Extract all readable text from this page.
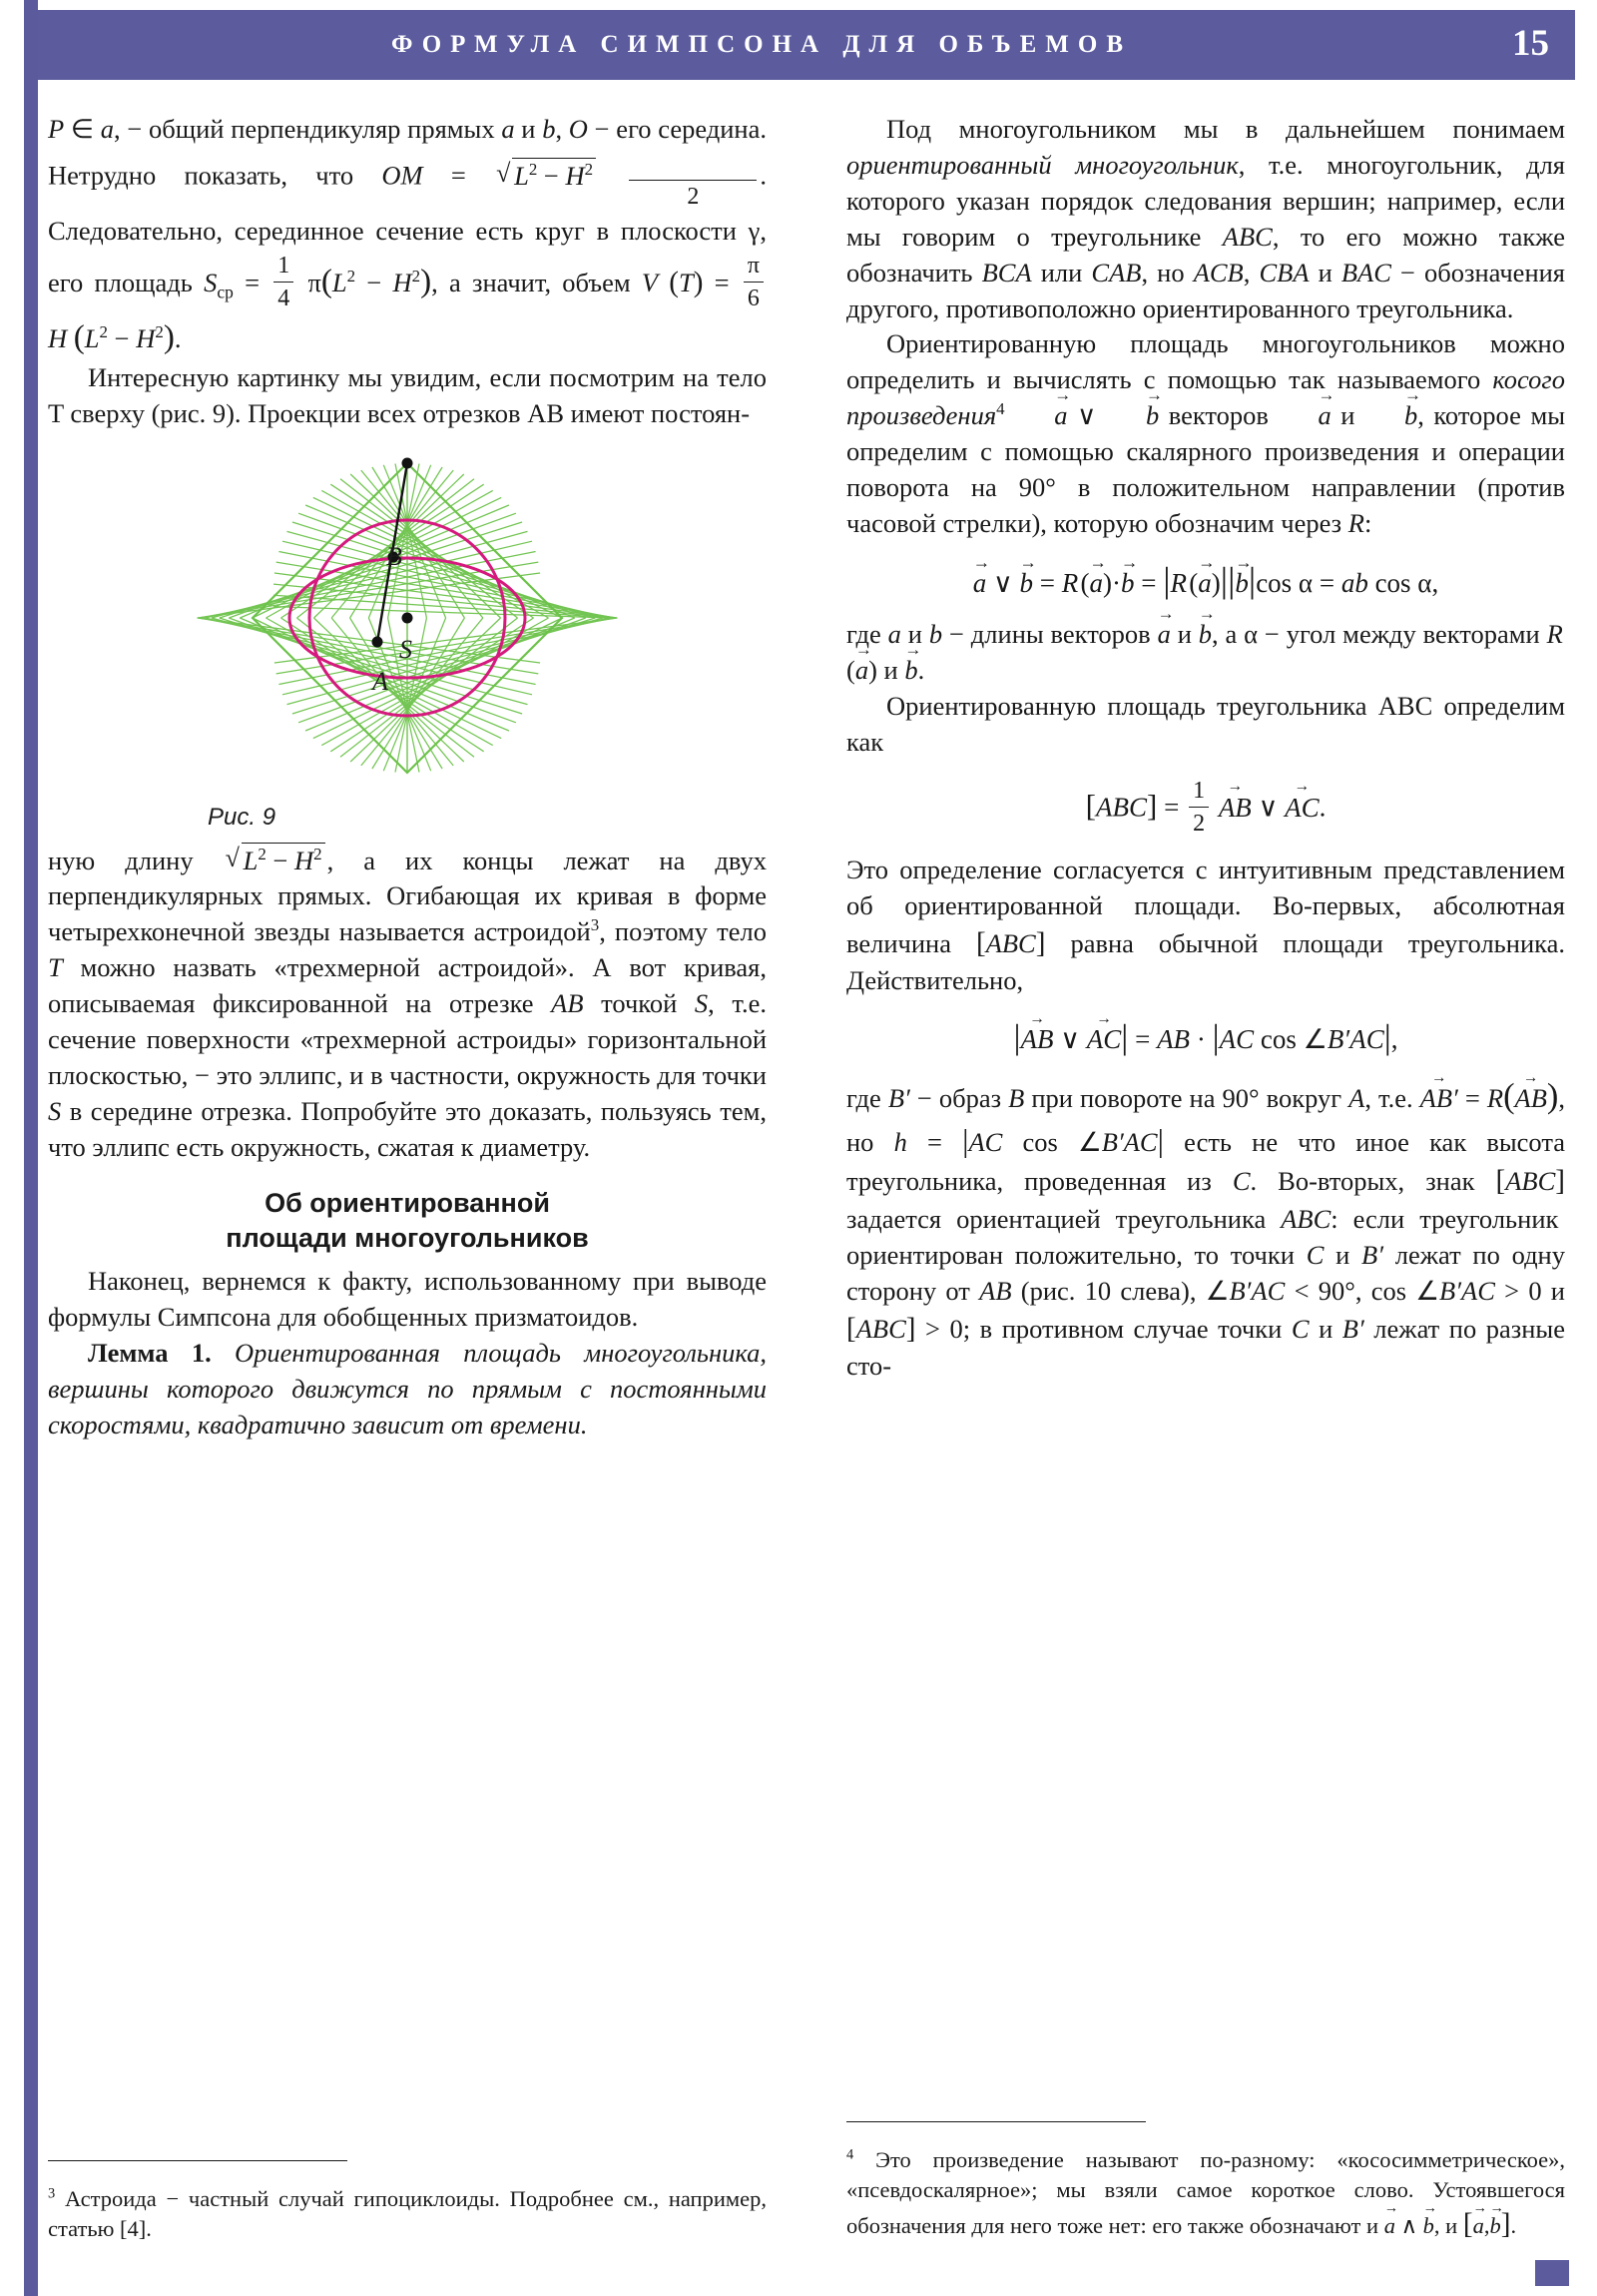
ФОРМУЛА СИМПСОНА ДЛЯ ОБЪЕМОВ	15

P ∈ a, − общий перпендикуляр прямых a и b, O − его середина. Нетрудно показать, что OM = √ $L^2 - H^2$

2
. Следовательно, серединное сечение есть круг в плоскости γ, его площадь $S_{ср} = \frac{1}{4} \pi(L^2 - H^2)$, а значит, объем V $(T) = \frac{\pi}{6}$
H $(L^2 - H^2)$.

Интересную картинку мы увидим, если посмотрим на тело T сверху (рис. 9). Проекции всех отрезков AB имеют постоян-

B
S
A
Рис. 9

ную длину √ $L^2 - H^2$ , а их концы лежат на двух перпендикулярных прямых. Огибающая их кривая в форме четырехконечной звезды называется астроидой$^3$, поэтому тело T можно назвать «трехмерной астроидой». А вот кривая, описываемая фиксированной на отрезке AB точкой S, т.е. сечение поверхности «трехмерной астроиды» горизонтальной плоскостью, − это эллипс, и в частности, окружность для точки S в середине отрезка. Попробуйте это доказать, пользуясь тем, что эллипс есть окружность, сжатая к диаметру.

Об ориентированной
площади многоугольников

Наконец, вернемся к факту, использованному при выводе формулы Симпсона для обобщенных призматоидов.

Лемма 1. Ориентированная площадь многоугольника, вершины которого движутся по прямым с постоянными скоростями, квадратично зависит от времени.

$^3$ Астроида − частный случай гипоциклоиды. Подробнее см., например, статью [4].

Под многоугольником мы в дальнейшем понимаем ориентированный многоугольник, т.е. многоугольник, для которого указан порядок следования вершин; например, если мы говорим о треугольнике ABC, то его можно также обозначить BCA или CAB, но ACB, CBA и BAC − обозначения другого, противоположно ориентированного треугольника.

Ориентированную площадь многоугольников можно определить и вычислять с помощью так называемого косого произведения$^4$ a → ∨ b → векторов a → и b →, которое мы определим с помощью скалярного произведения и операции поворота на 90° в положительном направлении (против часовой стрелки), которую обозначим через R:

a → ∨ b → = R (a →)·b → = |R (a →)||b →|cos α = ab cos α,

где a и b − длины векторов a → и b →, а α − угол между векторами R (a →) и b →.

Ориентированную площадь треугольника ABC определим как

$[ABC] = \frac{1}{2}$ AB → ∨ AC →.

Это определение согласуется с интуитивным представлением об ориентированной площади. Во-первых, абсолютная величина [ABC] равна обычной площади треугольника. Действительно,

|AB → ∨ AC →| = AB · |AC cos ∠B′AC|,

где B′ − образ B при повороте на 90° вокруг A, т.е. AB′ → = R(AB →), но h = |AC cos ∠B′AC| есть не что иное как высота треугольника, проведенная из C. Во-вторых, знак [ABC] задается ориентацией треугольника ABC: если треугольник  ориентирован положительно, то точки C и B′ лежат по одну сторону от AB (рис. 10 слева), ∠B′AC < 90°, cos ∠B′AC > 0 и [ABC] > 0; в противном случае точки C и B′ лежат по разные сто-

$^4$ Это произведение называют по-разному: «кососимметрическое», «псевдоскалярное»; мы взяли самое короткое слово. Устоявшегося обозначения для него тоже нет: его также обозначают и a → ∧ b →, и [a →,b →].
